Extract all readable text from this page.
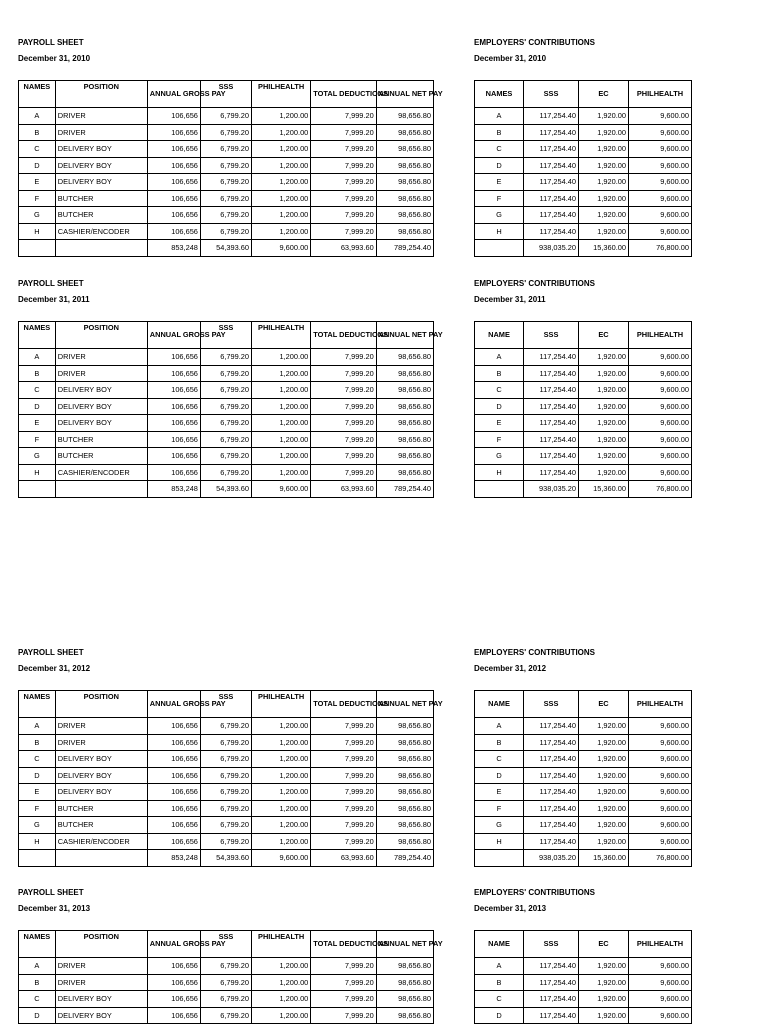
PAYROLL SHEET
December 31, 2010
NAMES	POSITION	ANNUAL GROSS PAY	SSS	PHILHEALTH	TOTAL DEDUCTIONS	ANNUAL NET PAY
A	DRIVER	106,656	6,799.20	1,200.00	7,999.20	98,656.80
B	DRIVER	106,656	6,799.20	1,200.00	7,999.20	98,656.80
C	DELIVERY BOY	106,656	6,799.20	1,200.00	7,999.20	98,656.80
D	DELIVERY BOY	106,656	6,799.20	1,200.00	7,999.20	98,656.80
E	DELIVERY BOY	106,656	6,799.20	1,200.00	7,999.20	98,656.80
F	BUTCHER	106,656	6,799.20	1,200.00	7,999.20	98,656.80
G	BUTCHER	106,656	6,799.20	1,200.00	7,999.20	98,656.80
H	CASHIER/ENCODER	106,656	6,799.20	1,200.00	7,999.20	98,656.80
		853,248	54,393.60	9,600.00	63,993.60	789,254.40
EMPLOYERS' CONTRIBUTIONS
December 31, 2010
NAMES	SSS	EC	PHILHEALTH
A	117,254.40	1,920.00	9,600.00
B	117,254.40	1,920.00	9,600.00
C	117,254.40	1,920.00	9,600.00
D	117,254.40	1,920.00	9,600.00
E	117,254.40	1,920.00	9,600.00
F	117,254.40	1,920.00	9,600.00
G	117,254.40	1,920.00	9,600.00
H	117,254.40	1,920.00	9,600.00
	938,035.20	15,360.00	76,800.00
PAYROLL SHEET
December 31, 2011
NAMES	POSITION	ANNUAL GROSS PAY	SSS	PHILHEALTH	TOTAL DEDUCTIONS	ANNUAL NET PAY
A	DRIVER	106,656	6,799.20	1,200.00	7,999.20	98,656.80
B	DRIVER	106,656	6,799.20	1,200.00	7,999.20	98,656.80
C	DELIVERY BOY	106,656	6,799.20	1,200.00	7,999.20	98,656.80
D	DELIVERY BOY	106,656	6,799.20	1,200.00	7,999.20	98,656.80
E	DELIVERY BOY	106,656	6,799.20	1,200.00	7,999.20	98,656.80
F	BUTCHER	106,656	6,799.20	1,200.00	7,999.20	98,656.80
G	BUTCHER	106,656	6,799.20	1,200.00	7,999.20	98,656.80
H	CASHIER/ENCODER	106,656	6,799.20	1,200.00	7,999.20	98,656.80
		853,248	54,393.60	9,600.00	63,993.60	789,254.40
EMPLOYERS' CONTRIBUTIONS
December 31, 2011
NAME	SSS	EC	PHILHEALTH
A	117,254.40	1,920.00	9,600.00
B	117,254.40	1,920.00	9,600.00
C	117,254.40	1,920.00	9,600.00
D	117,254.40	1,920.00	9,600.00
E	117,254.40	1,920.00	9,600.00
F	117,254.40	1,920.00	9,600.00
G	117,254.40	1,920.00	9,600.00
H	117,254.40	1,920.00	9,600.00
	938,035.20	15,360.00	76,800.00
PAYROLL SHEET
December 31, 2012
NAMES	POSITION	ANNUAL GROSS PAY	SSS	PHILHEALTH	TOTAL DEDUCTIONS	ANNUAL NET PAY
A	DRIVER	106,656	6,799.20	1,200.00	7,999.20	98,656.80
B	DRIVER	106,656	6,799.20	1,200.00	7,999.20	98,656.80
C	DELIVERY BOY	106,656	6,799.20	1,200.00	7,999.20	98,656.80
D	DELIVERY BOY	106,656	6,799.20	1,200.00	7,999.20	98,656.80
E	DELIVERY BOY	106,656	6,799.20	1,200.00	7,999.20	98,656.80
F	BUTCHER	106,656	6,799.20	1,200.00	7,999.20	98,656.80
G	BUTCHER	106,656	6,799.20	1,200.00	7,999.20	98,656.80
H	CASHIER/ENCODER	106,656	6,799.20	1,200.00	7,999.20	98,656.80
		853,248	54,393.60	9,600.00	63,993.60	789,254.40
EMPLOYERS' CONTRIBUTIONS
December 31, 2012
NAME	SSS	EC	PHILHEALTH
A	117,254.40	1,920.00	9,600.00
B	117,254.40	1,920.00	9,600.00
C	117,254.40	1,920.00	9,600.00
D	117,254.40	1,920.00	9,600.00
E	117,254.40	1,920.00	9,600.00
F	117,254.40	1,920.00	9,600.00
G	117,254.40	1,920.00	9,600.00
H	117,254.40	1,920.00	9,600.00
	938,035.20	15,360.00	76,800.00
PAYROLL SHEET
December 31, 2013
NAMES	POSITION	ANNUAL GROSS PAY	SSS	PHILHEALTH	TOTAL DEDUCTIONS	ANNUAL NET PAY
A	DRIVER	106,656	6,799.20	1,200.00	7,999.20	98,656.80
B	DRIVER	106,656	6,799.20	1,200.00	7,999.20	98,656.80
C	DELIVERY BOY	106,656	6,799.20	1,200.00	7,999.20	98,656.80
D	DELIVERY BOY	106,656	6,799.20	1,200.00	7,999.20	98,656.80
EMPLOYERS' CONTRIBUTIONS
December 31, 2013
NAME	SSS	EC	PHILHEALTH
A	117,254.40	1,920.00	9,600.00
B	117,254.40	1,920.00	9,600.00
C	117,254.40	1,920.00	9,600.00
D	117,254.40	1,920.00	9,600.00
